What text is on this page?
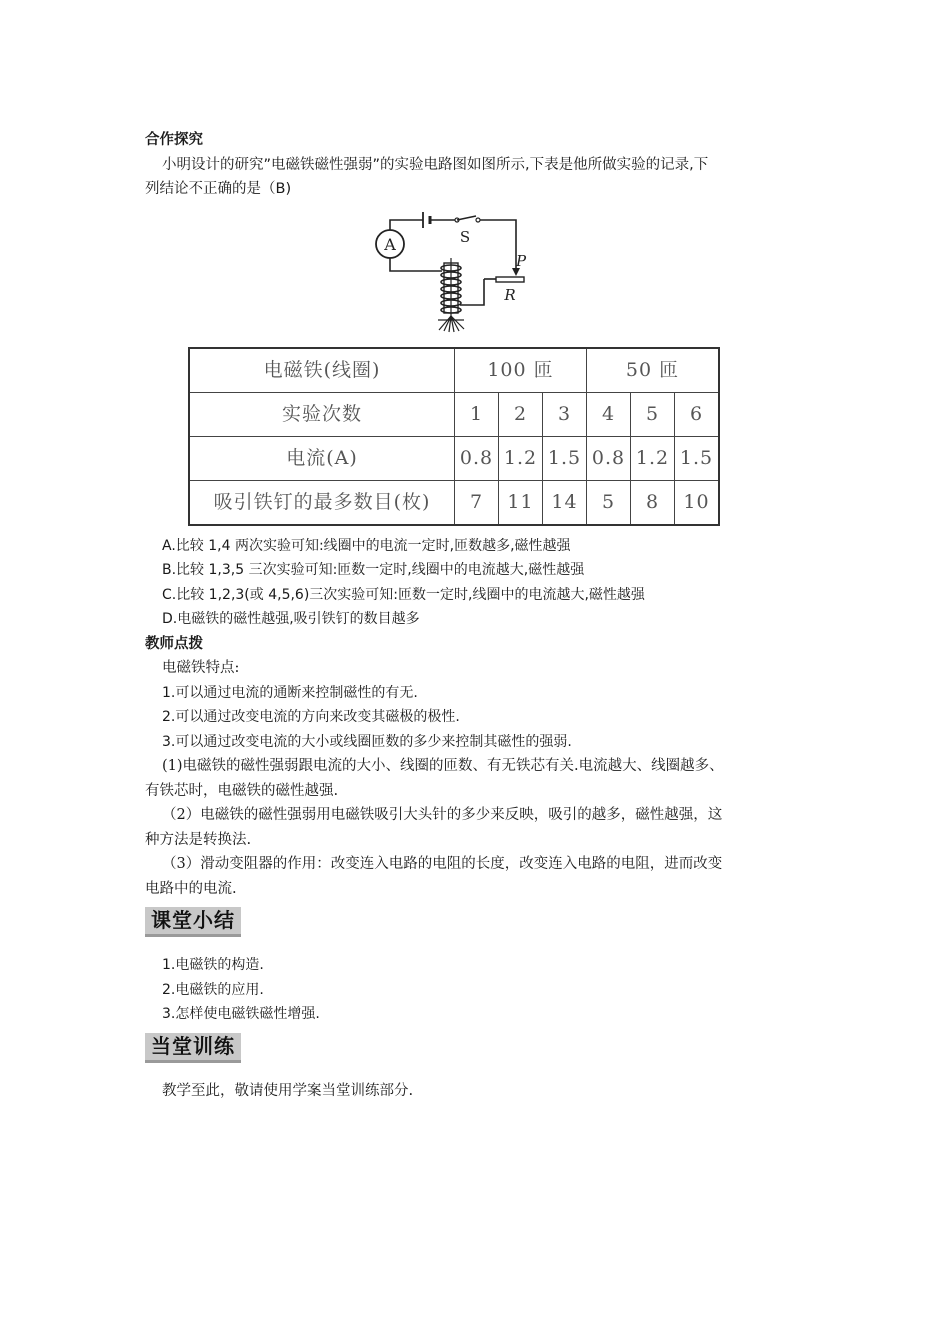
合作探究

小明设计的研究”电磁铁磁性强弱”的实验电路图如图所示,下表是他所做实验的记录,下

列结论不正确的是（B)

A	S
P
R
电磁铁(线圈)	100 匝			50 匝		
实验次数	1	2	3	4	5	6
电流(A)	0.8	1.2	1.5	0.8	1.2	1.5
吸引铁钉的最多数目(枚)	7	11	14	5	8	10
A.比较 1,4 两次实验可知:线圈中的电流一定时,匝数越多,磁性越强
B.比较 1,3,5 三次实验可知:匝数一定时,线圈中的电流越大,磁性越强
C.比较 1,2,3(或 4,5,6)三次实验可知:匝数一定时,线圈中的电流越大,磁性越强
D.电磁铁的磁性越强,吸引铁钉的数目越多
教师点拨
电磁铁特点:
1.可以通过电流的通断来控制磁性的有无.
2.可以通过改变电流的方向来改变其磁极的极性.
3.可以通过改变电流的大小或线圈匝数的多少来控制其磁性的强弱.
(1)电磁铁的磁性强弱跟电流的大小、线圈的匝数、有无铁芯有关.电流越大、线圈越多、
有铁芯时，电磁铁的磁性越强.
（2）电磁铁的磁性强弱用电磁铁吸引大头针的多少来反映，吸引的越多，磁性越强，这
种方法是转换法.
（3）滑动变阻器的作用：改变连入电路的电阻的长度，改变连入电路的电阻，进而改变
电路中的电流.
课堂小结
1.电磁铁的构造.
2.电磁铁的应用.
3.怎样使电磁铁磁性增强.
当堂训练
教学至此，敬请使用学案当堂训练部分.
